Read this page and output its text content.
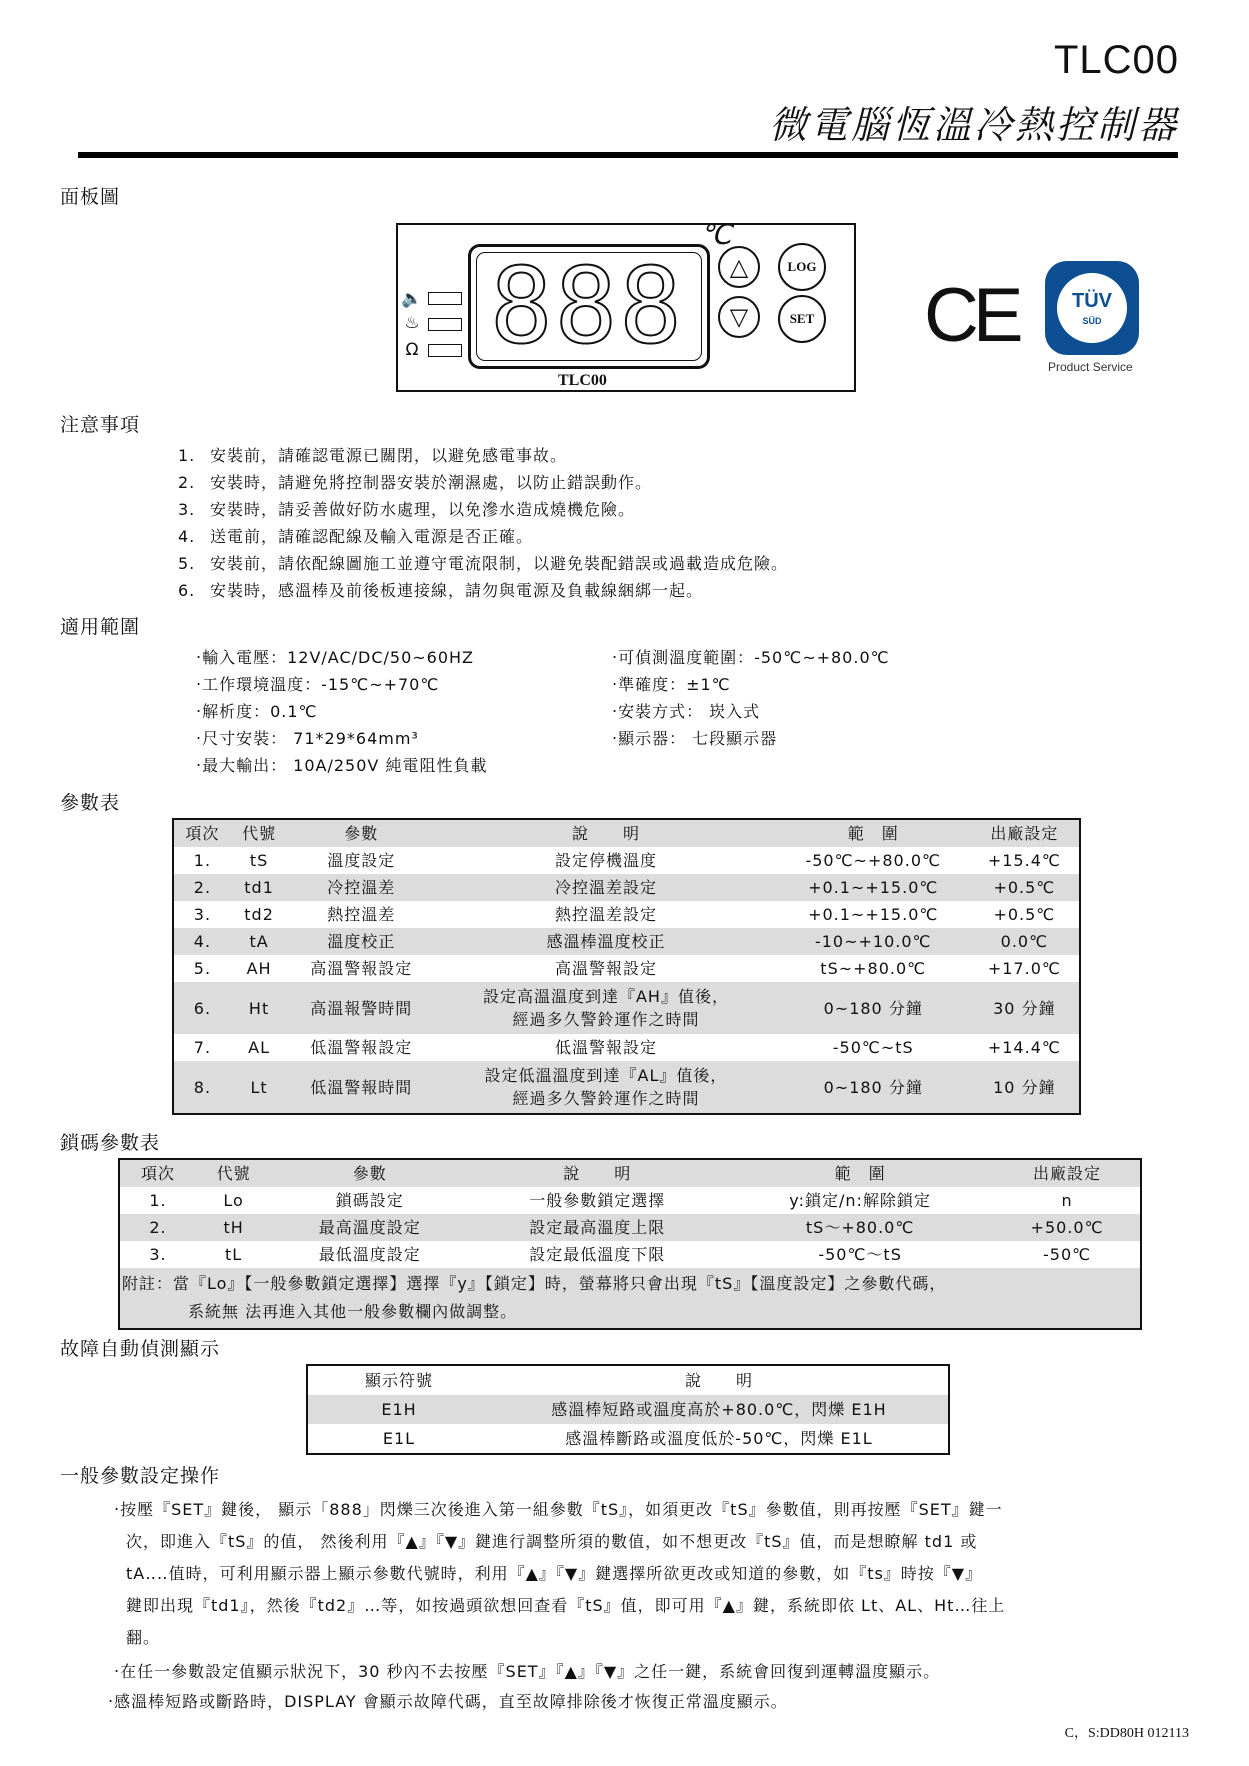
TLC00
微電腦恆溫冷熱控制器
面板圖
🔈
♨
Ω 888
℃
△
▽
LOG
SET
TLC00
CE	TÜV
SÜD
Product Service
注意事項
1. 安裝前，請確認電源已關閉，以避免感電事故。
2. 安裝時，請避免將控制器安裝於潮濕處，以防止錯誤動作。
3. 安裝時，請妥善做好防水處理，以免滲水造成燒機危險。
4. 送電前，請確認配線及輸入電源是否正確。
5. 安裝前，請依配線圖施工並遵守電流限制，以避免裝配錯誤或過載造成危險。
6. 安裝時，感溫棒及前後板連接線，請勿與電源及負載線綑綁一起。
適用範圍
‧輸入電壓：12V/AC/DC/50~60HZ
‧工作環境溫度：-15℃~+70℃
‧解析度：0.1℃
‧尺寸安裝： 71*29*64mm³
‧最大輸出： 10A/250V 純電阻性負載
‧可偵測溫度範圍：-50℃~+80.0℃
‧準確度：±1℃
‧安裝方式： 崁入式
‧顯示器： 七段顯示器
參數表
項次	代號	參數	說　　明	範　圍	出廠設定
1.	tS	溫度設定	設定停機溫度	-50℃~+80.0℃	+15.4℃
2.	td1	冷控溫差	冷控溫差設定	+0.1~+15.0℃	+0.5℃
3.	td2	熱控溫差	熱控溫差設定	+0.1~+15.0℃	+0.5℃
4.	tA	溫度校正	感溫棒溫度校正	-10~+10.0℃	0.0℃
5.	AH	高溫警報設定	高溫警報設定	tS~+80.0℃	+17.0℃
6.	Ht	高溫報警時間	設定高溫溫度到達『AH』值後，
經過多久警鈴運作之時間	0~180 分鐘	30 分鐘
7.	AL	低溫警報設定	低溫警報設定	-50℃~tS	+14.4℃
8.	Lt	低溫警報時間	設定低溫溫度到達『AL』值後，
經過多久警鈴運作之時間	0~180 分鐘	10 分鐘
鎖碼參數表
項次	代號	參數	說　　明	範　圍	出廠設定
1.	Lo	鎖碼設定	一般參數鎖定選擇	y:鎖定/n:解除鎖定	n
2.	tH	最高溫度設定	設定最高溫度上限	tS～+80.0℃	+50.0℃
3.	tL	最低溫度設定	設定最低溫度下限	-50℃～tS	-50℃

附註：當『Lo』【一般參數鎖定選擇】選擇『y』【鎖定】時，螢幕將只會出現『tS』【溫度設定】之參數代碼，
系統無 法再進入其他一般參數欄內做調整。					
故障自動偵測顯示
顯示符號	說　　明
E1H	感溫棒短路或溫度高於+80.0℃，閃爍 E1H
E1L	感溫棒斷路或溫度低於-50℃，閃爍 E1L
一般參數設定操作
‧按壓『SET』鍵後， 顯示「888」閃爍三次後進入第一組參數『tS』，如須更改『tS』參數值，則再按壓『SET』鍵一
次，即進入『tS』的值， 然後利用『▲』『▼』鍵進行調整所須的數值，如不想更改『tS』值，而是想瞭解 td1 或
tA‥‥值時，可利用顯示器上顯示參數代號時，利用『▲』『▼』鍵選擇所欲更改或知道的參數，如『ts』時按『▼』
鍵即出現『td1』，然後『td2』…等，如按過頭欲想回查看『tS』值，即可用『▲』鍵，系統即依 Lt、AL、Ht…往上
翻。
‧在任一參數設定值顯示狀況下，30 秒內不去按壓『SET』『▲』『▼』之任一鍵，系統會回復到運轉溫度顯示。
‧感溫棒短路或斷路時，DISPLAY 會顯示故障代碼，直至故障排除後才恢復正常溫度顯示。
C，S:DD80H 012113
